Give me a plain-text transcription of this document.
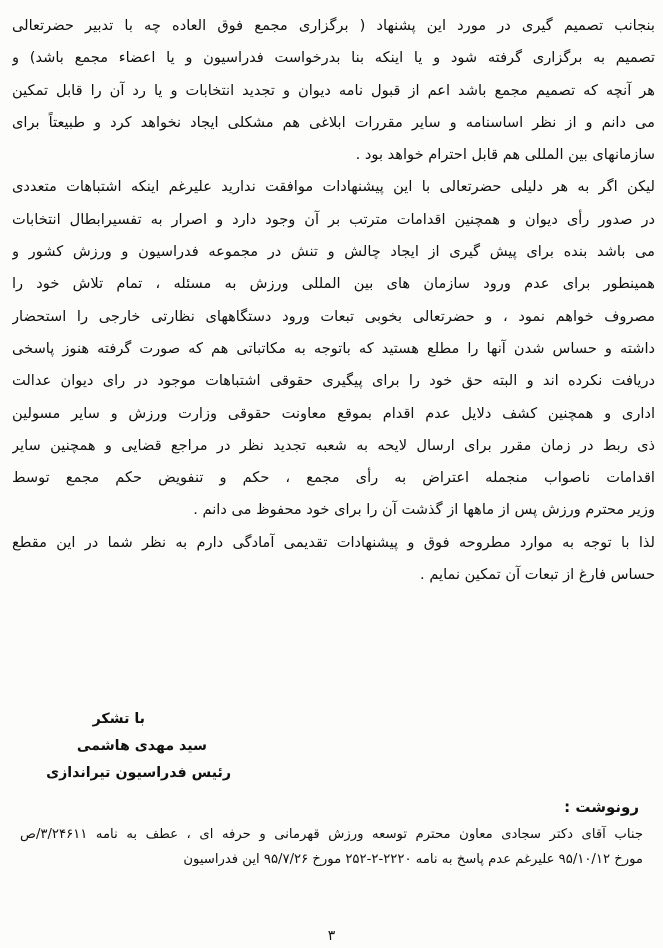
بنجانب تصمیم گیری در مورد این پشنهاد ( برگزاری مجمع فوق العاده چه با تدبیر حضرتعالی
تصمیم به برگزاری گرفته شود و یا اینکه بنا بدرخواست فدراسیون و یا اعضاء مجمع باشد) و
هر آنچه که تصمیم مجمع باشد اعم از قبول نامه دیوان و تجدید انتخابات و یا رد آن را قابل تمکین
می دانم و از نظر اساسنامه و سایر مقررات ابلاغی هم مشکلی ایجاد نخواهد کرد و طبیعتاً برای
سازمانهای بین المللی هم قابل احترام خواهد بود .
لیکن اگر به هر دلیلی حضرتعالی با این پیشنهادات موافقت ندارید علیرغم اینکه اشتباهات متعددی
در صدور رأی دیوان و همچنین اقدامات مترتب بر آن وجود دارد و اصرار به تفسیرابطال انتخابات
می باشد بنده برای پیش گیری از ایجاد چالش و تنش در مجموعه فدراسیون و ورزش کشور و
همینطور برای عدم ورود سازمان های بین المللی ورزش به مسئله ، تمام تلاش خود را
مصروف خواهم نمود ، و حضرتعالی بخوبی تبعات ورود دستگاههای نظارتی خارجی را استحضار
داشته و حساس شدن آنها را مطلع هستید که باتوجه به مکاتباتی هم که صورت گرفته هنوز پاسخی
دریافت نکرده اند و البته حق خود را برای پیگیری حقوقی اشتباهات موجود در رای دیوان عدالت
اداری و همچنین کشف دلایل عدم اقدام بموقع معاونت حقوقی وزارت ورزش و سایر مسولین
ذی ربط در زمان مقرر برای ارسال لایحه به شعبه تجدید نظر در مراجع قضایی و همچنین سایر
اقدامات ناصواب منجمله اعتراض به رأی مجمع ، حکم و تنفویض حکم مجمع توسط
وزیر محترم ورزش پس از ماهها از گذشت آن را برای خود محفوظ می دانم .
لذا با توجه به موارد مطروحه فوق و پیشنهادات تقدیمی آمادگی دارم به نظر شما در این مقطع
حساس فارغ از تبعات آن تمکین نمایم .
با تشکر
سید مهدی هاشمی
رئیس فدراسیون تیراندازی
رونوشت :
جناب آقای دکتر سجادی معاون محترم توسعه ورزش قهرمانی و حرفه ای ، عطف به نامه ۳/۲۴۶۱۱/ص
مورخ ۹۵/۱۰/۱۲ علیرغم عدم پاسخ به نامه ۲۲۲۰-۲-۲۵۲ مورخ ۹۵/۷/۲۶ این فدراسیون
۳
